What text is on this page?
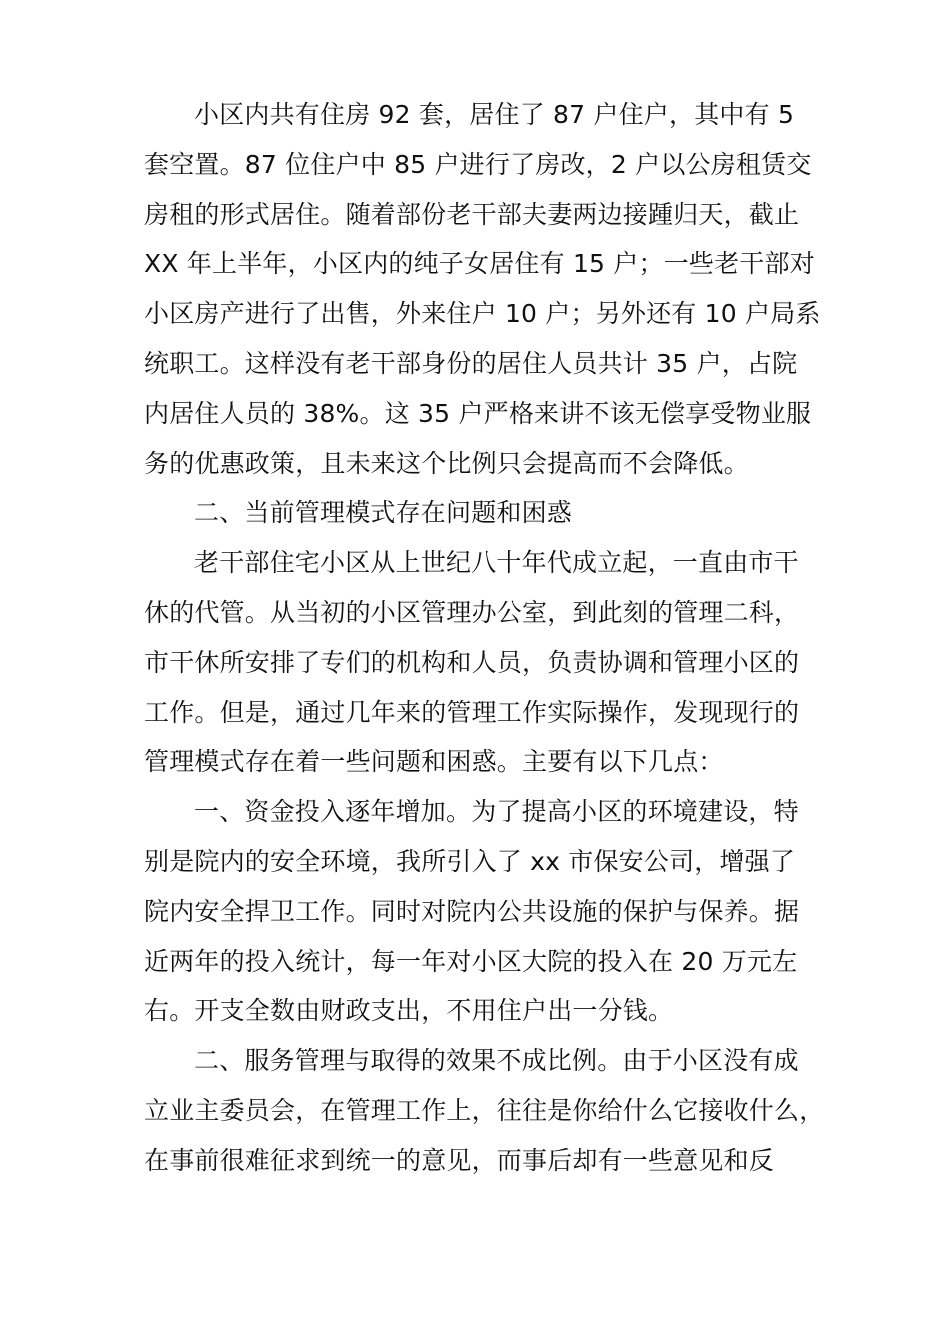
小区内共有住房 92 套，居住了 87 户住户，其中有 5
套空置。87 位住户中 85 户进行了房改，2 户以公房租赁交
房租的形式居住。随着部份老干部夫妻两边接踵归天，截止
XX 年上半年，小区内的纯子女居住有 15 户；一些老干部对
小区房产进行了出售，外来住户 10 户；另外还有 10 户局系
统职工。这样没有老干部身份的居住人员共计 35 户，占院
内居住人员的 38%。这 35 户严格来讲不该无偿享受物业服
务的优惠政策，且未来这个比例只会提高而不会降低。
二、当前管理模式存在问题和困惑
老干部住宅小区从上世纪八十年代成立起，一直由市干
休的代管。从当初的小区管理办公室，到此刻的管理二科，
市干休所安排了专们的机构和人员，负责协调和管理小区的
工作。但是，通过几年来的管理工作实际操作，发现现行的
管理模式存在着一些问题和困惑。主要有以下几点：
一、资金投入逐年增加。为了提高小区的环境建设，特
别是院内的安全环境，我所引入了 xx 市保安公司，增强了
院内安全捍卫工作。同时对院内公共设施的保护与保养。据
近两年的投入统计，每一年对小区大院的投入在 20 万元左
右。开支全数由财政支出，不用住户出一分钱。
二、服务管理与取得的效果不成比例。由于小区没有成
立业主委员会，在管理工作上，往往是你给什么它接收什么，
在事前很难征求到统一的意见，而事后却有一些意见和反
